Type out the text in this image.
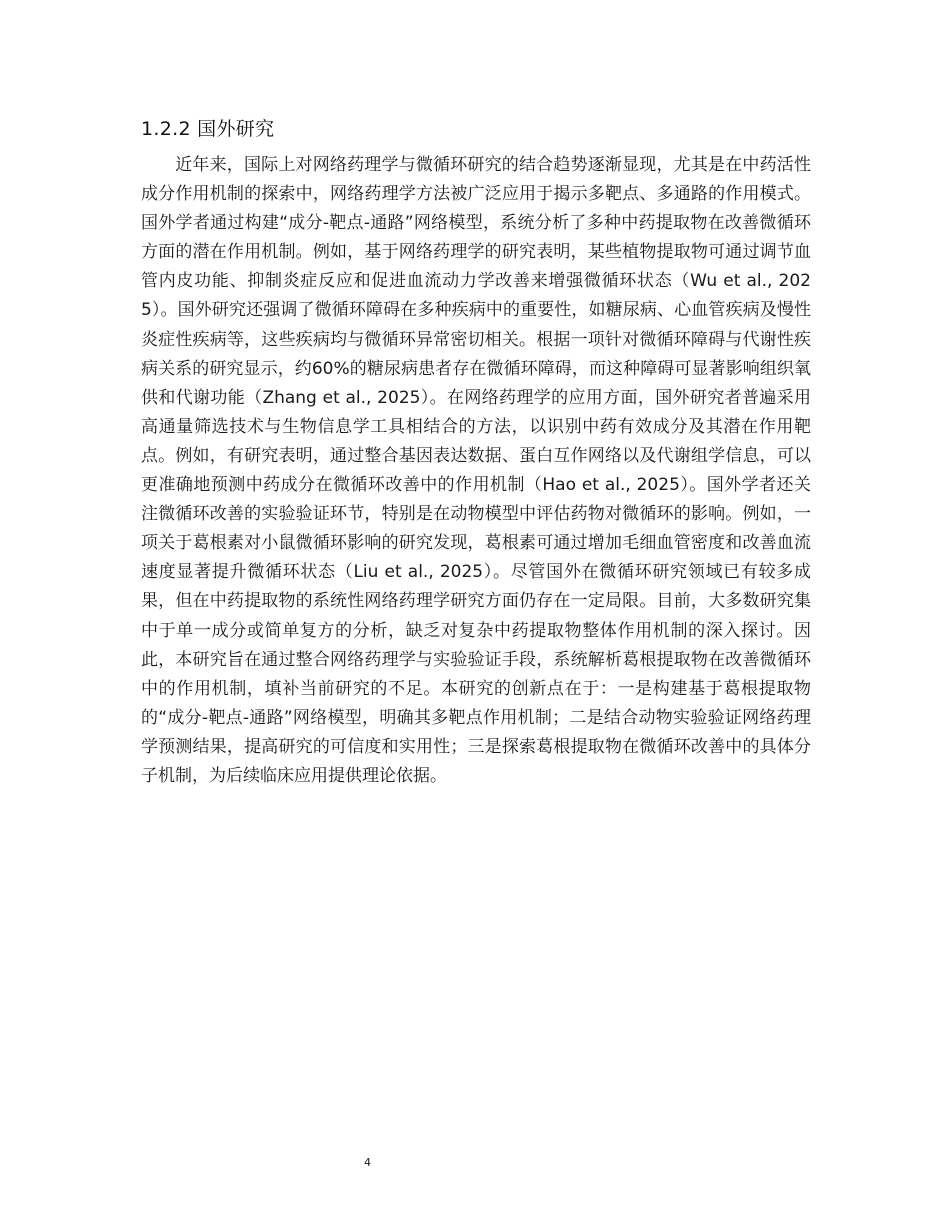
1.2.2 国外研究

近年来，国际上对网络药理学与微循环研究的结合趋势逐渐显现，尤其是在中药活性成分作用机制的探索中，网络药理学方法被广泛应用于揭示多靶点、多通路的作用模式。国外学者通过构建“成分-靶点-通路”网络模型，系统分析了多种中药提取物在改善微循环方面的潜在作用机制。例如，基于网络药理学的研究表明，某些植物提取物可通过调节血管内皮功能、抑制炎症反应和促进血流动力学改善来增强微循环状态（Wu et al., 2025）。国外研究还强调了微循环障碍在多种疾病中的重要性，如糖尿病、心血管疾病及慢性炎症性疾病等，这些疾病均与微循环异常密切相关。根据一项针对微循环障碍与代谢性疾病关系的研究显示，约60%的糖尿病患者存在微循环障碍，而这种障碍可显著影响组织氧供和代谢功能（Zhang et al., 2025）。在网络药理学的应用方面，国外研究者普遍采用高通量筛选技术与生物信息学工具相结合的方法，以识别中药有效成分及其潜在作用靶点。例如，有研究表明，通过整合基因表达数据、蛋白互作网络以及代谢组学信息，可以更准确地预测中药成分在微循环改善中的作用机制（Hao et al., 2025）。国外学者还关注微循环改善的实验验证环节，特别是在动物模型中评估药物对微循环的影响。例如，一项关于葛根素对小鼠微循环影响的研究发现，葛根素可通过增加毛细血管密度和改善血流速度显著提升微循环状态（Liu et al., 2025）。尽管国外在微循环研究领域已有较多成果，但在中药提取物的系统性网络药理学研究方面仍存在一定局限。目前，大多数研究集中于单一成分或简单复方的分析，缺乏对复杂中药提取物整体作用机制的深入探讨。因此，本研究旨在通过整合网络药理学与实验验证手段，系统解析葛根提取物在改善微循环中的作用机制，填补当前研究的不足。本研究的创新点在于：一是构建基于葛根提取物的“成分-靶点-通路”网络模型，明确其多靶点作用机制；二是结合动物实验验证网络药理学预测结果，提高研究的可信度和实用性；三是探索葛根提取物在微循环改善中的具体分子机制，为后续临床应用提供理论依据。

4
